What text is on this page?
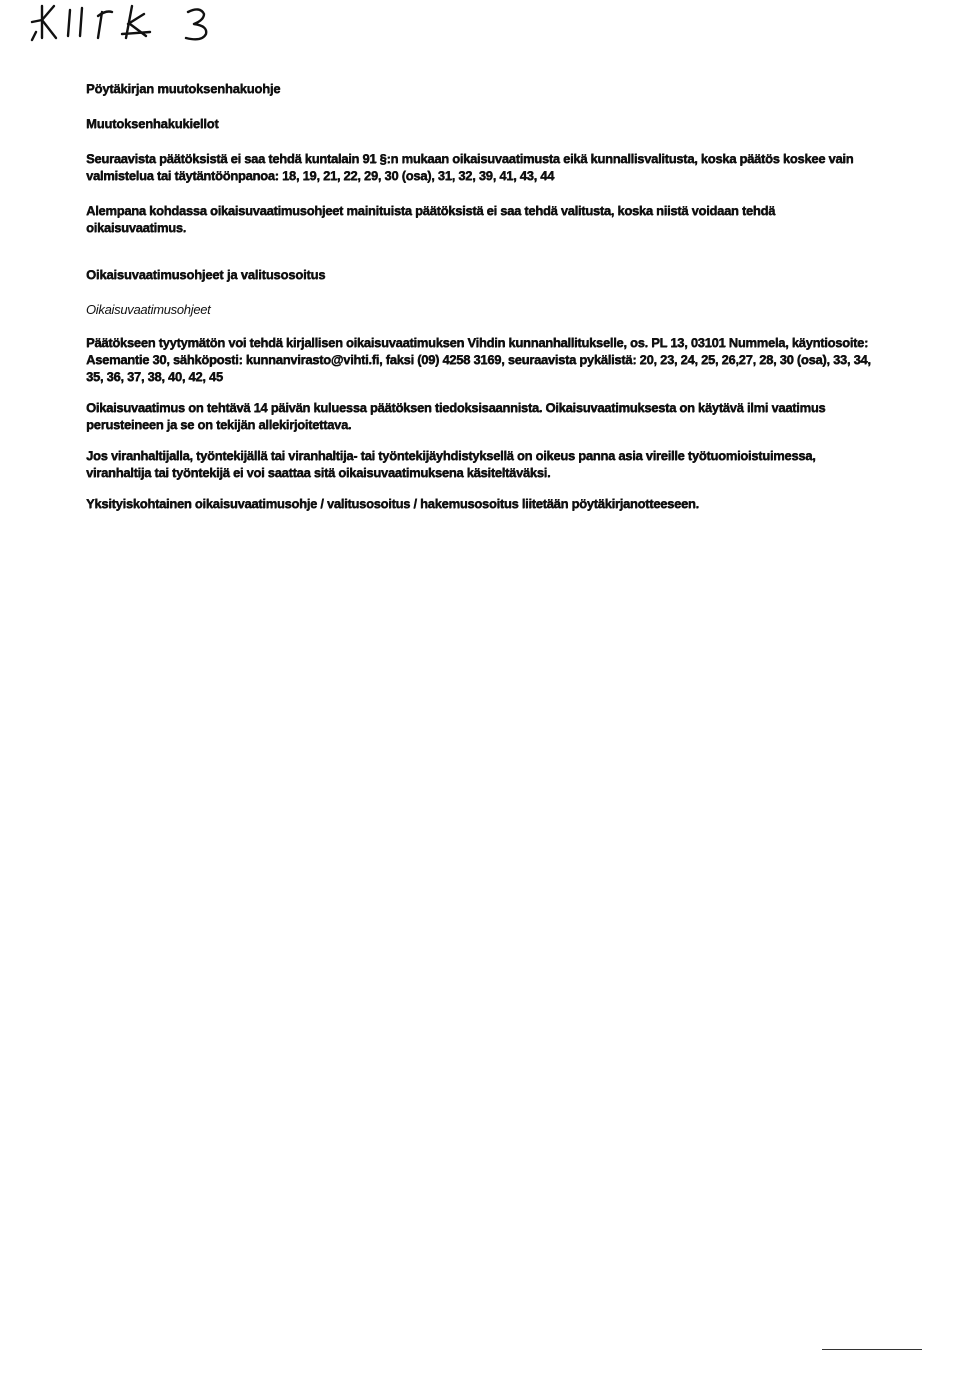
Pöytäkirjan muutoksenhakuohje

Muutoksenhakukiellot

Seuraavista päätöksistä ei saa tehdä kuntalain 91 §:n mukaan oikaisuvaatimusta eikä kunnallisvalitusta, koska päätös koskee vain valmistelua tai täytäntöönpanoa: 18, 19, 21, 22, 29, 30 (osa), 31, 32, 39, 41, 43, 44

Alempana kohdassa oikaisuvaatimusohjeet mainituista päätöksistä ei saa tehdä valitusta, koska niistä voidaan tehdä oikaisuvaatimus.

Oikaisuvaatimusohjeet ja valitusosoitus

Oikaisuvaatimusohjeet

Päätökseen tyytymätön voi tehdä kirjallisen oikaisuvaatimuksen Vihdin kunnanhallitukselle, os. PL 13, 03101 Nummela, käyntiosoite: Asemantie 30, sähköposti: kunnanvirasto@vihti.fi, faksi (09) 4258 3169, seuraavista pykälistä: 20, 23, 24, 25, 26,27, 28, 30 (osa), 33, 34, 35, 36, 37, 38, 40, 42, 45

Oikaisuvaatimus on tehtävä 14 päivän kuluessa päätöksen tiedoksisaannista. Oikaisuvaatimuksesta on käytävä ilmi vaatimus perusteineen ja se on tekijän allekirjoitettava.

Jos viranhaltijalla, työntekijällä tai viranhaltija- tai työntekijäyhdistyksellä on oikeus panna asia vireille työtuomioistuimessa, viranhaltija tai työntekijä ei voi saattaa sitä oikaisuvaatimuksena käsiteltäväksi.

Yksityiskohtainen oikaisuvaatimusohje / valitusosoitus / hakemusosoitus liitetään pöytäkirjanotteeseen.
